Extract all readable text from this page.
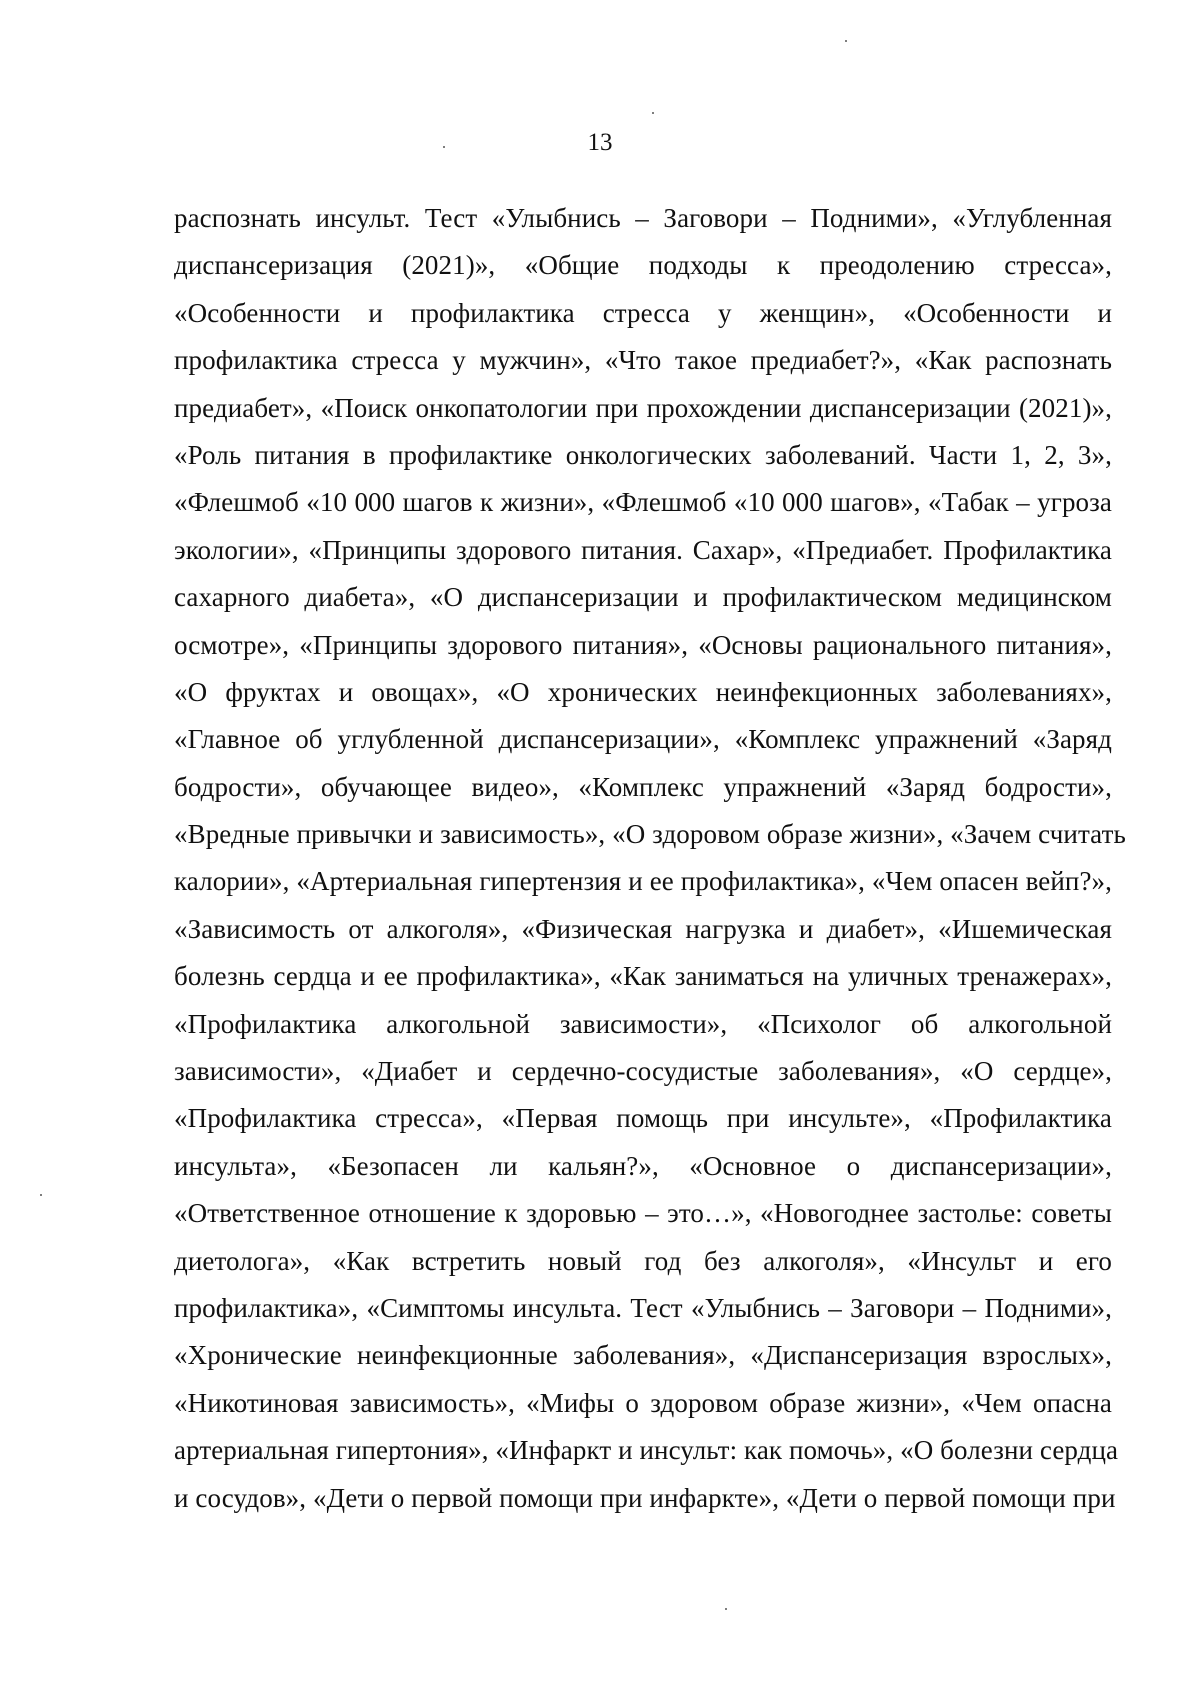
13
распознать инсульт. Тест «Улыбнись – Заговори – Подними», «Углубленная
диспансеризация (2021)», «Общие подходы к преодолению стресса»,
«Особенности и профилактика стресса у женщин», «Особенности и
профилактика стресса у мужчин», «Что такое предиабет?», «Как распознать
предиабет», «Поиск онкопатологии при прохождении диспансеризации (2021)»,
«Роль питания в профилактике онкологических заболеваний. Части 1, 2, 3»,
«Флешмоб «10 000 шагов к жизни», «Флешмоб «10 000 шагов», «Табак – угроза
экологии», «Принципы здорового питания. Сахар», «Предиабет. Профилактика
сахарного диабета», «О диспансеризации и профилактическом медицинском
осмотре», «Принципы здорового питания», «Основы рационального питания»,
«О фруктах и овощах», «О хронических неинфекционных заболеваниях»,
«Главное об углубленной диспансеризации», «Комплекс упражнений «Заряд
бодрости», обучающее видео», «Комплекс упражнений «Заряд бодрости»,
«Вредные привычки и зависимость», «О здоровом образе жизни», «Зачем считать
калории», «Артериальная гипертензия и ее профилактика», «Чем опасен вейп?»,
«Зависимость от алкоголя», «Физическая нагрузка и диабет», «Ишемическая
болезнь сердца и ее профилактика», «Как заниматься на уличных тренажерах»,
«Профилактика алкогольной зависимости», «Психолог об алкогольной
зависимости», «Диабет и сердечно-сосудистые заболевания», «О сердце»,
«Профилактика стресса», «Первая помощь при инсульте», «Профилактика
инсульта», «Безопасен ли кальян?», «Основное о диспансеризации»,
«Ответственное отношение к здоровью – это…», «Новогоднее застолье: советы
диетолога», «Как встретить новый год без алкоголя», «Инсульт и его
профилактика», «Симптомы инсульта. Тест «Улыбнись – Заговори – Подними»,
«Хронические неинфекционные заболевания», «Диспансеризация взрослых»,
«Никотиновая зависимость», «Мифы о здоровом образе жизни», «Чем опасна
артериальная гипертония», «Инфаркт и инсульт: как помочь», «О болезни сердца
и сосудов», «Дети о первой помощи при инфаркте», «Дети о первой помощи при
